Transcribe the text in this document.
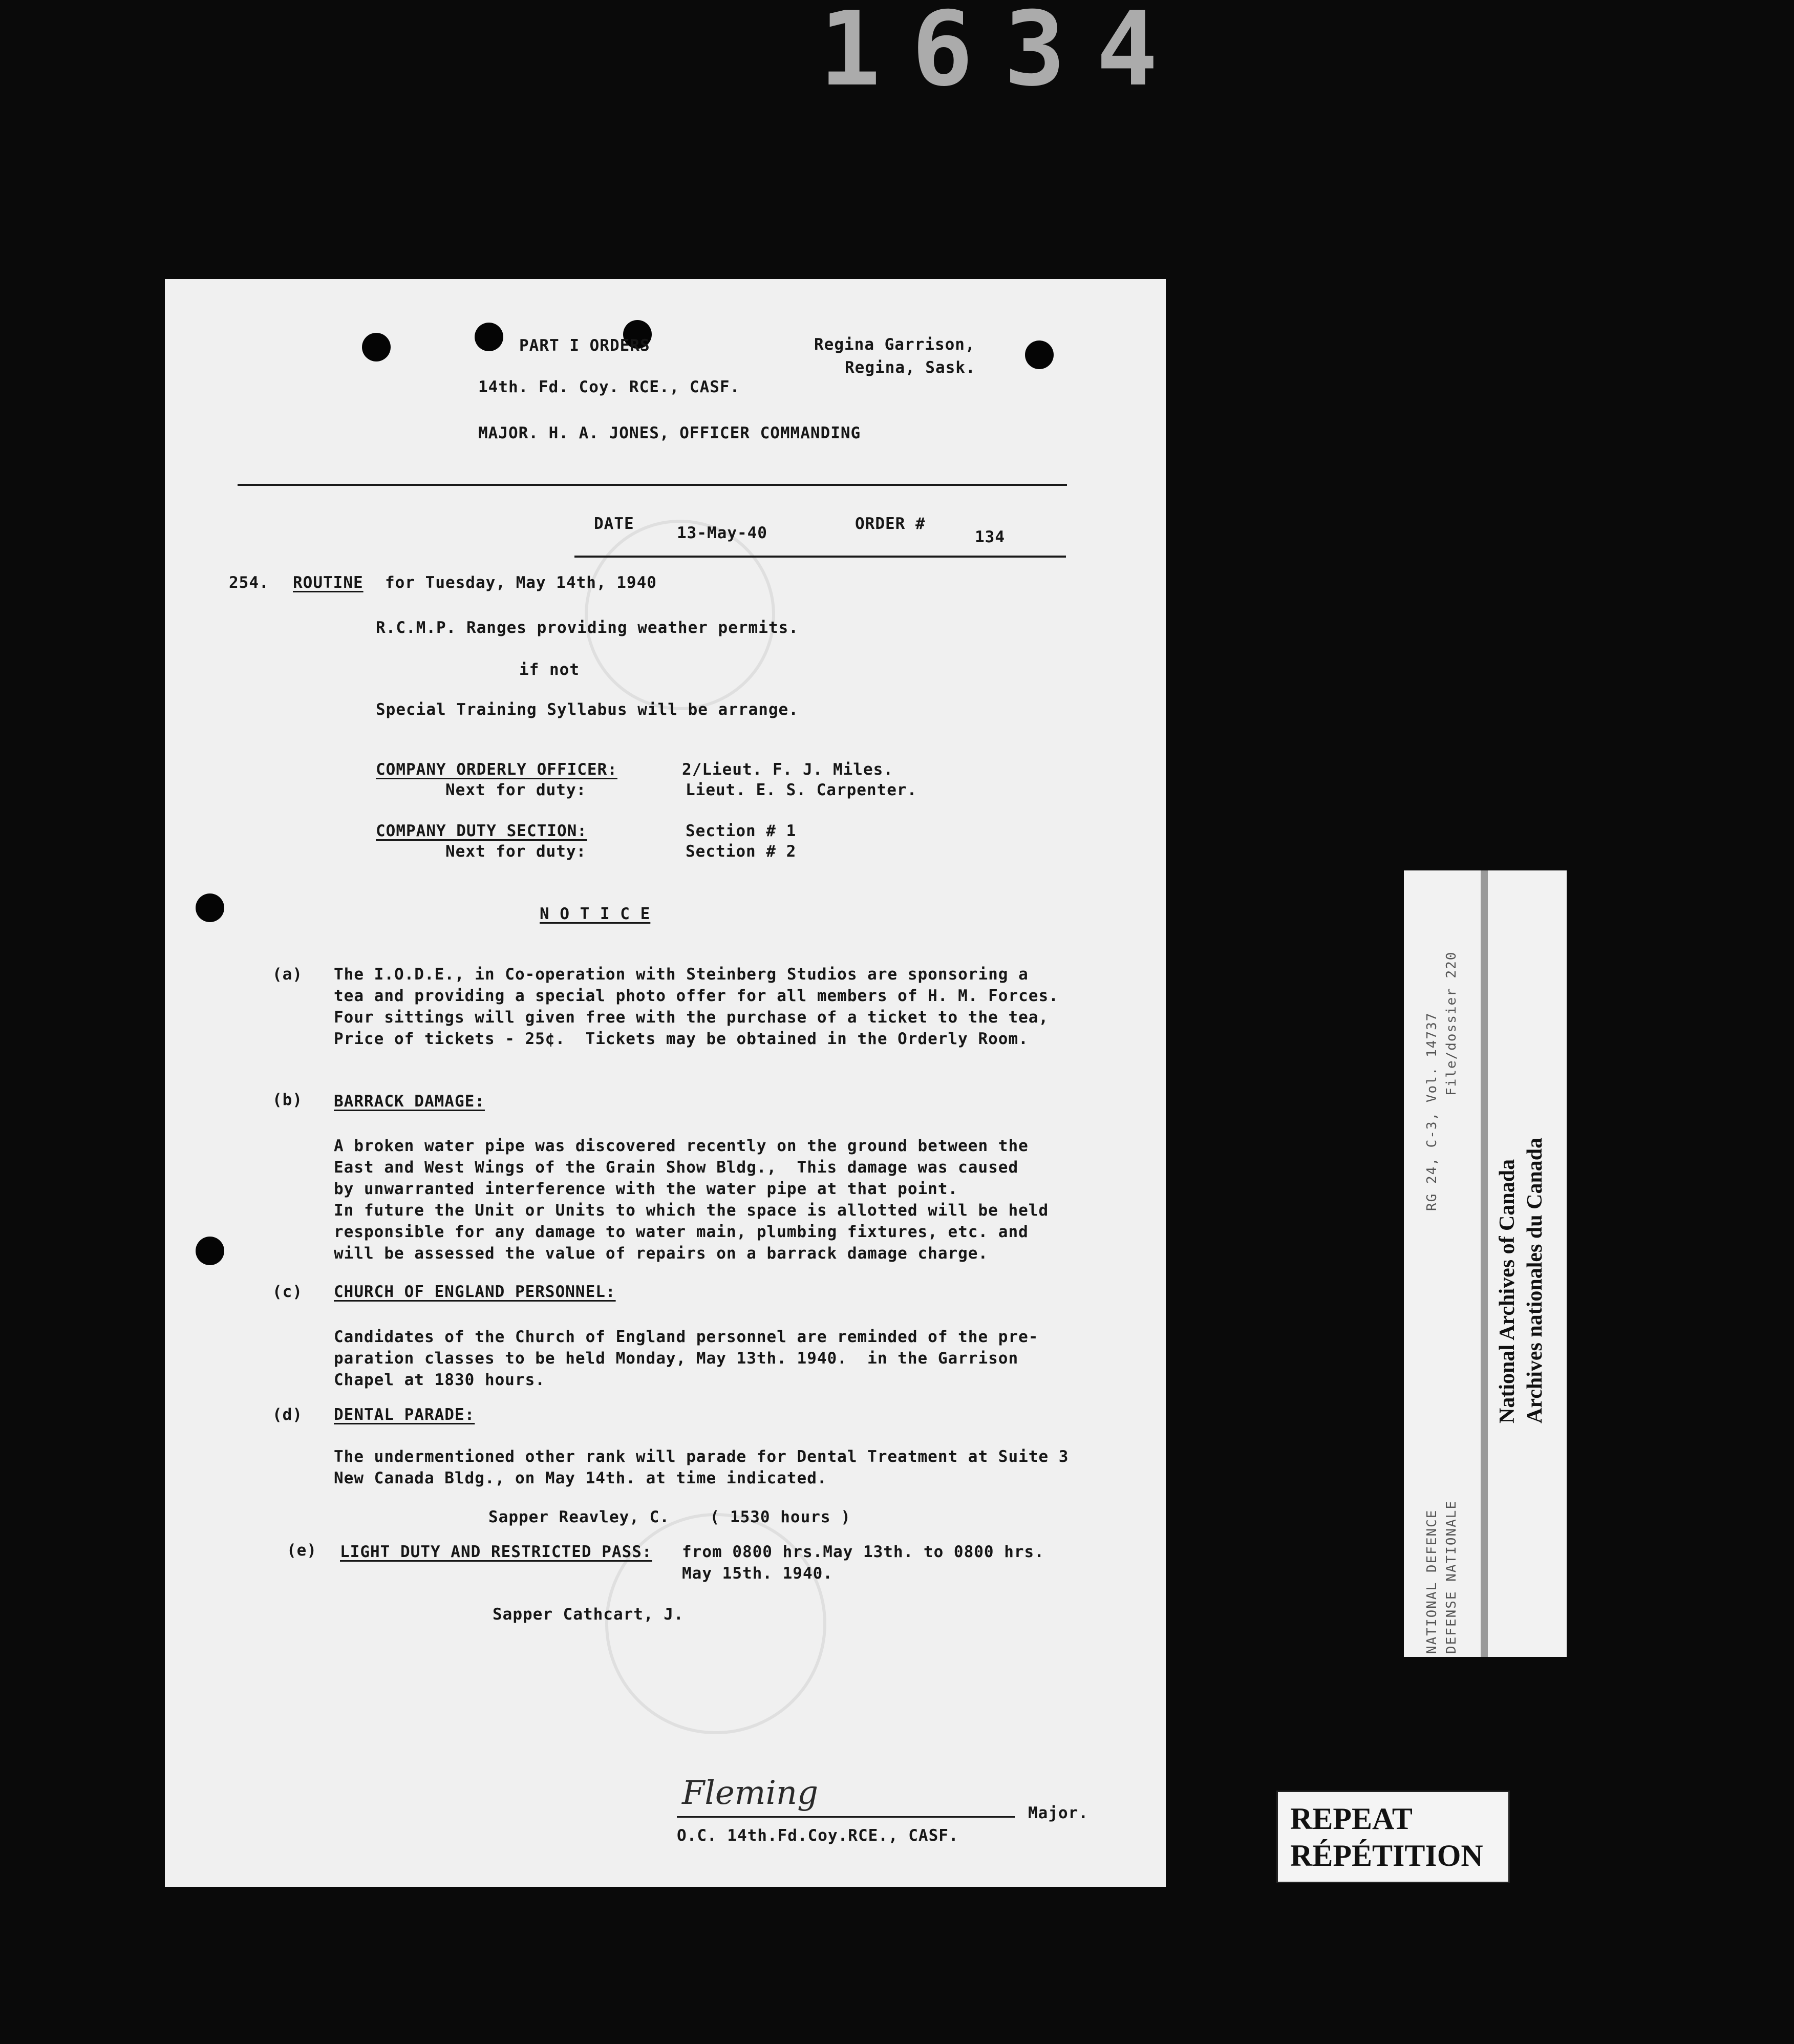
1634
PART I ORDERS	Regina Garrison,
Regina, Sask.
14th. Fd. Coy. RCE., CASF.
MAJOR. H. A. JONES, OFFICER COMMANDING
DATE	13-May-40	ORDER #
134
254. ROUTINE for Tuesday, May 14th, 1940
R.C.M.P. Ranges providing weather permits.
if not
Special Training Syllabus will be arrange.
COMPANY ORDERLY OFFICER:	2/Lieut. F. J. Miles.
Next for duty:	Lieut. E. S. Carpenter.
COMPANY DUTY SECTION:	Section # 1
Next for duty:	Section # 2
N O T I C E
(a) The I.O.D.E., in Co-operation with Steinberg Studios are sponsoring a
tea and providing a special photo offer for all members of H. M. Forces.
Four sittings will given free with the purchase of a ticket to the tea,
Price of tickets - 25¢.  Tickets may be obtained in the Orderly Room.
(b) BARRACK DAMAGE:
A broken water pipe was discovered recently on the ground between the
East and West Wings of the Grain Show Bldg.,  This damage was caused
by unwarranted interference with the water pipe at that point.
In future the Unit or Units to which the space is allotted will be held
responsible for any damage to water main, plumbing fixtures, etc. and
will be assessed the value of repairs on a barrack damage charge.
(c) CHURCH OF ENGLAND PERSONNEL:
Candidates of the Church of England personnel are reminded of the pre-
paration classes to be held Monday, May 13th. 1940.  in the Garrison
Chapel at 1830 hours.
(d) DENTAL PARADE:
The undermentioned other rank will parade for Dental Treatment at Suite 3
New Canada Bldg., on May 14th. at time indicated.
Sapper Reavley, C.    ( 1530 hours )
(e) LIGHT DUTY AND RESTRICTED PASS: from 0800 hrs.May 13th. to 0800 hrs.
May 15th. 1940.
Sapper Cathcart, J.
Fleming
Major.
O.C. 14th.Fd.Coy.RCE., CASF.
RG 24, C-3, Vol. 14737 File/dossier 220
NATIONAL DEFENCE DEFENSE NATIONALE
National Archives of Canada Archives nationales du Canada
REPEAT
RÉPÉTITION
